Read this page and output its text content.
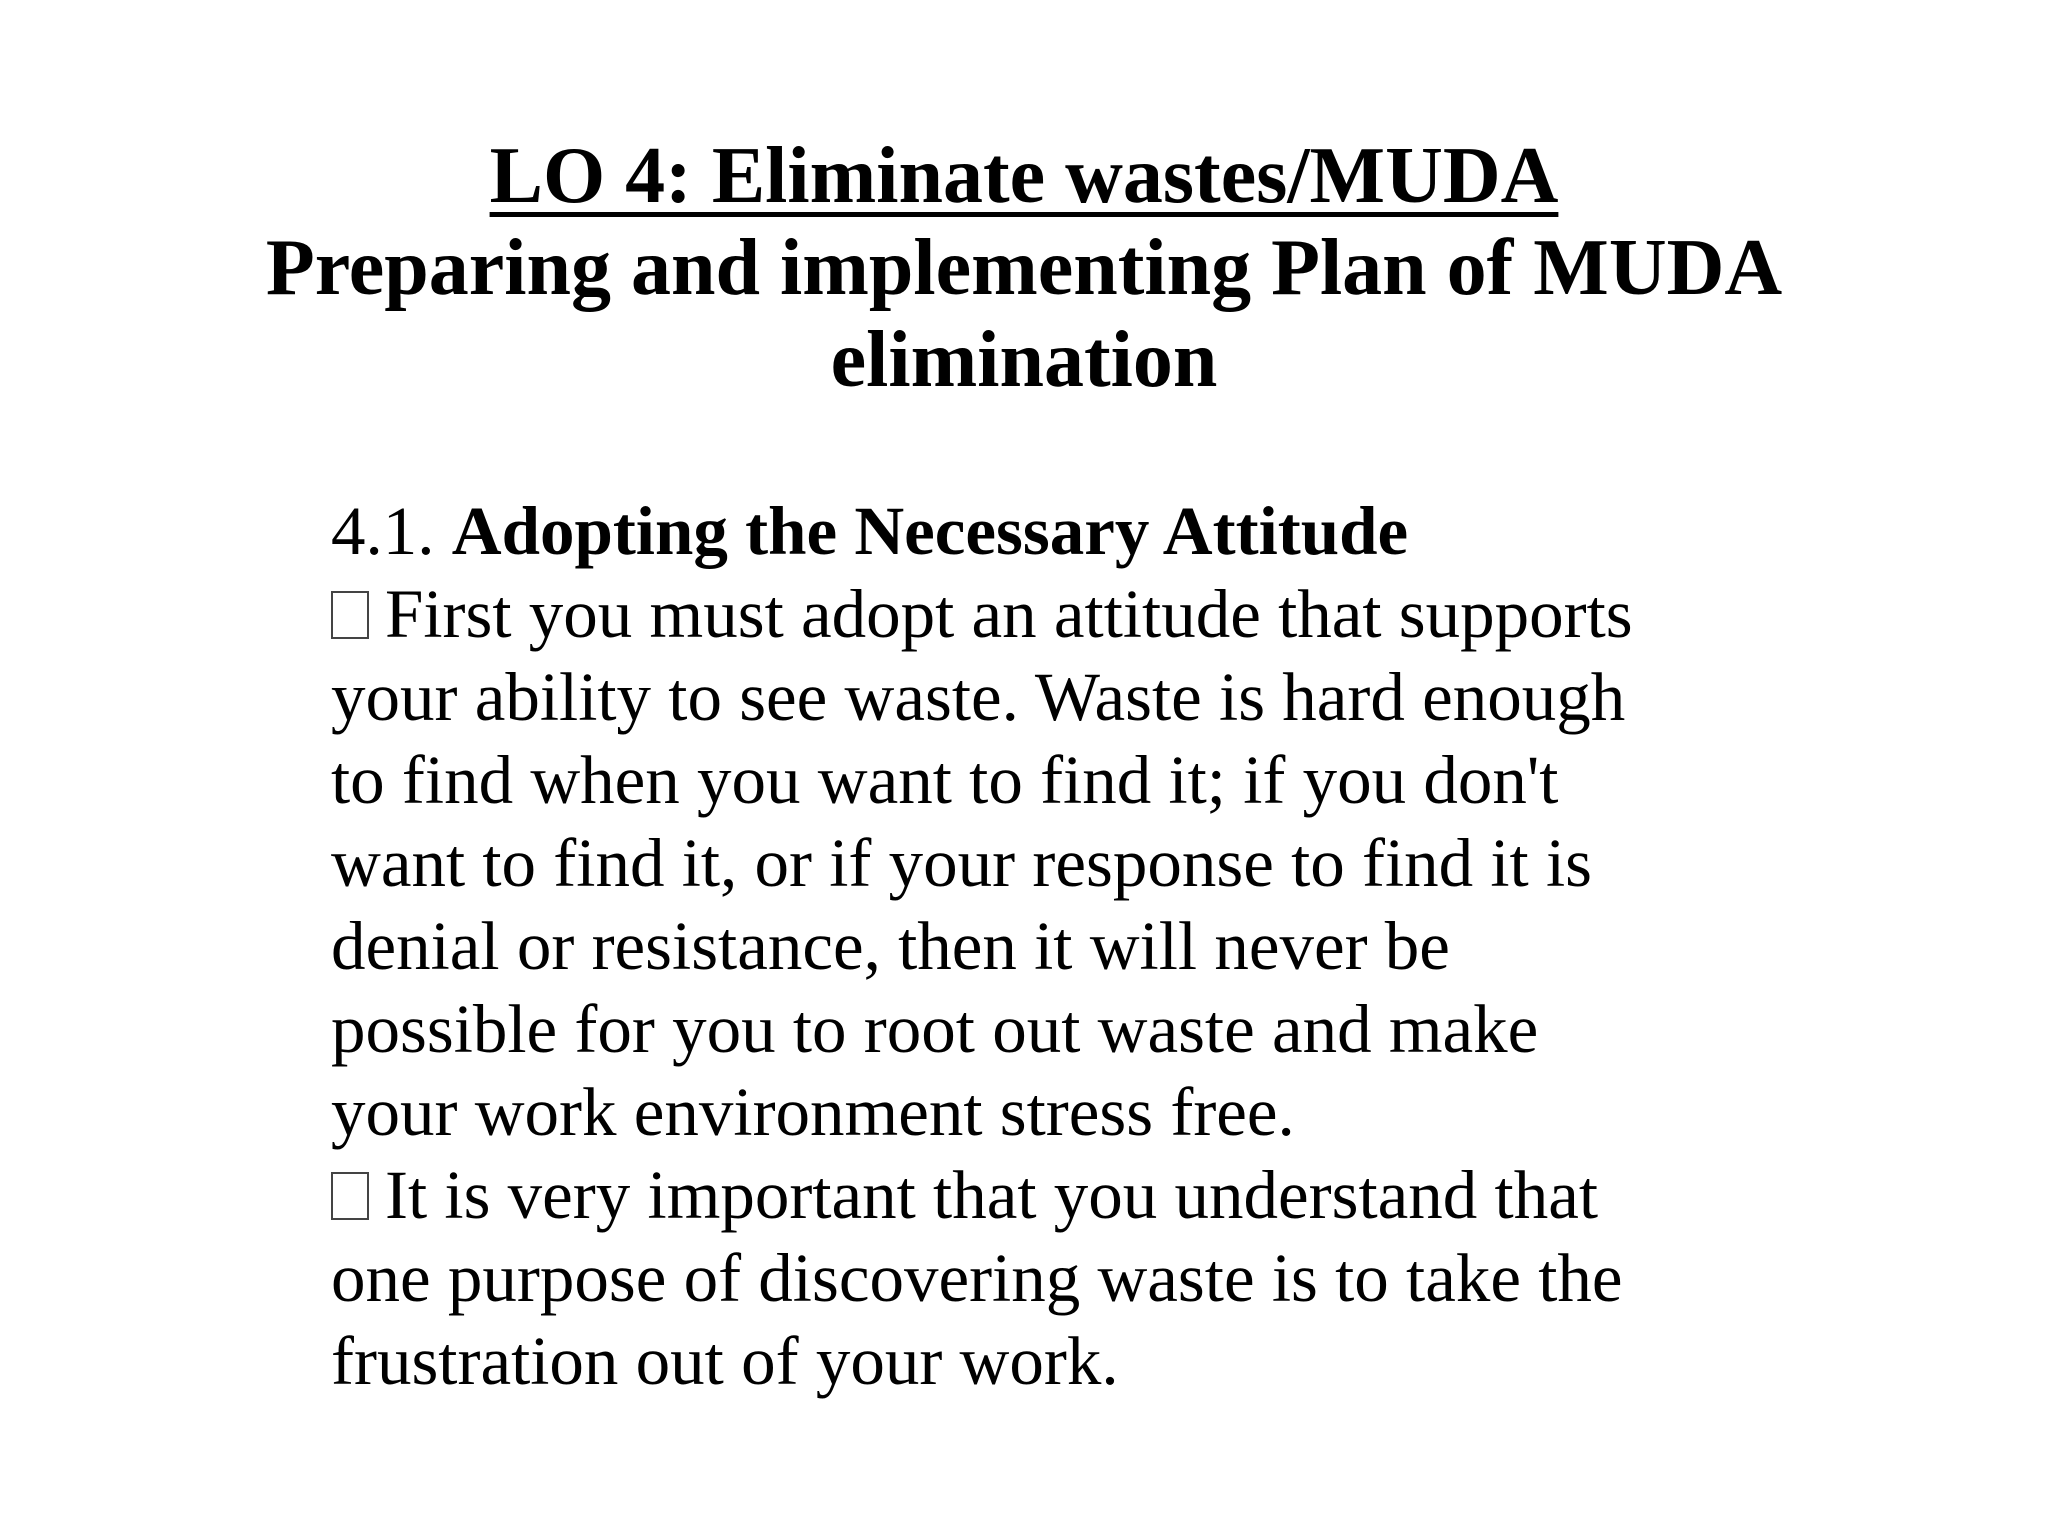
LO 4: Eliminate wastes/MUDA
Preparing and implementing Plan of MUDA
elimination
4.1. Adopting the Necessary Attitude
First you must adopt an attitude that supports
your ability to see waste. Waste is hard enough
to find when you want to find it; if you don't
want to find it, or if your response to find it is
denial or resistance, then it will never be
possible for you to root out waste and make
your work environment stress free.
It is very important that you understand that
one purpose of discovering waste is to take the
frustration out of your work.
